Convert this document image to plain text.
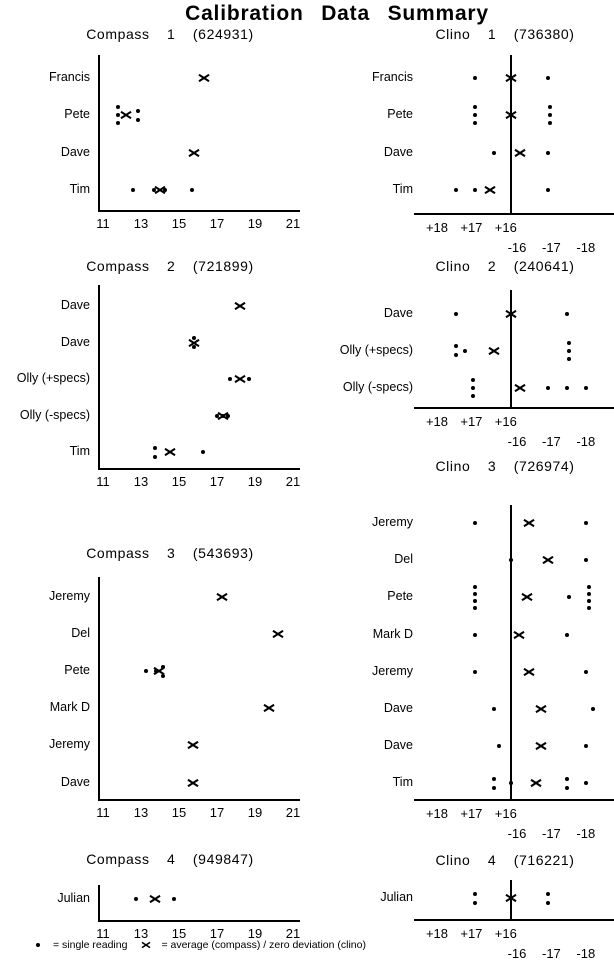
Calibration Data Summary
Compass 1 (624931)
11	13	15	17	19	21
Francis
Pete
Dave
Tim
Clino 1 (736380)
+18 +17 +16
-16	-17	-18
Francis
Pete
Dave
Tim
Compass 2 (721899)
11	13	15	17	19	21
Dave
Dave
Olly (+specs)
Olly (-specs)
Tim
Clino 2 (240641)
+18 +17 +16
-16	-17	-18
Dave
Olly (+specs)
Olly (-specs)
Compass 3 (543693)
11	13	15	17	19	21
Jeremy
Del
Pete
Mark D
Jeremy
Dave
Clino 3 (726974)
+18 +17 +16
-16	-17	-18
Jeremy
Del
Pete
Mark D
Jeremy
Dave
Dave
Tim
Compass 4 (949847)
11	13	15	17	19	21
Julian
Clino 4 (716221)
+18 +17 +16
-16	-17	-18
Julian
= single reading	= average (compass) / zero deviation (clino)
